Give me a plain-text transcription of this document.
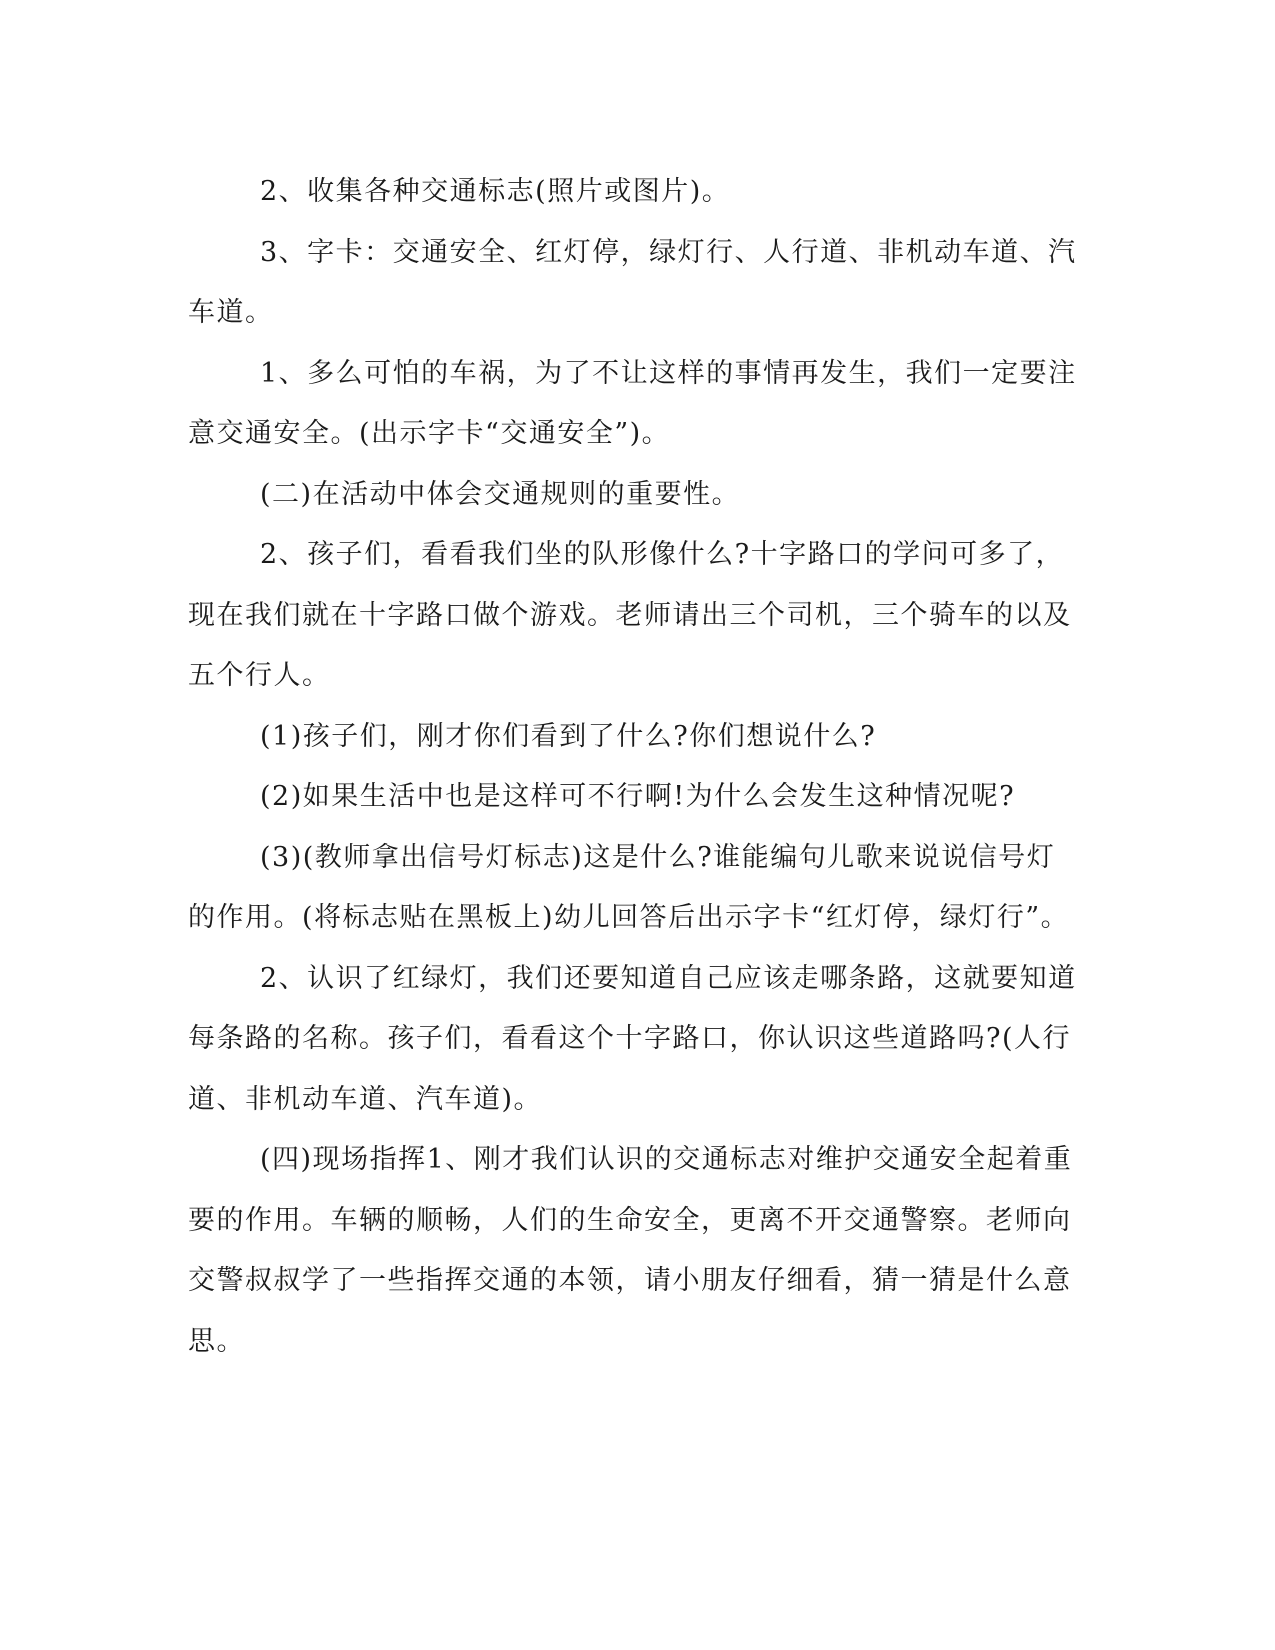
2、收集各种交通标志(照片或图片)。

3、字卡：交通安全、红灯停，绿灯行、人行道、非机动车道、汽车道。

1、多么可怕的车祸，为了不让这样的事情再发生，我们一定要注意交通安全。(出示字卡“交通安全”)。

(二)在活动中体会交通规则的重要性。

2、孩子们，看看我们坐的队形像什么?十字路口的学问可多了，现在我们就在十字路口做个游戏。老师请出三个司机，三个骑车的以及五个行人。

(1)孩子们，刚才你们看到了什么?你们想说什么?

(2)如果生活中也是这样可不行啊!为什么会发生这种情况呢?

(3)(教师拿出信号灯标志)这是什么?谁能编句儿歌来说说信号灯的作用。(将标志贴在黑板上)幼儿回答后出示字卡“红灯停，绿灯行”。

2、认识了红绿灯，我们还要知道自己应该走哪条路，这就要知道每条路的名称。孩子们，看看这个十字路口，你认识这些道路吗?(人行道、非机动车道、汽车道)。

(四)现场指挥1、刚才我们认识的交通标志对维护交通安全起着重要的作用。车辆的顺畅，人们的生命安全，更离不开交通警察。老师向交警叔叔学了一些指挥交通的本领，请小朋友仔细看，猜一猜是什么意思。
